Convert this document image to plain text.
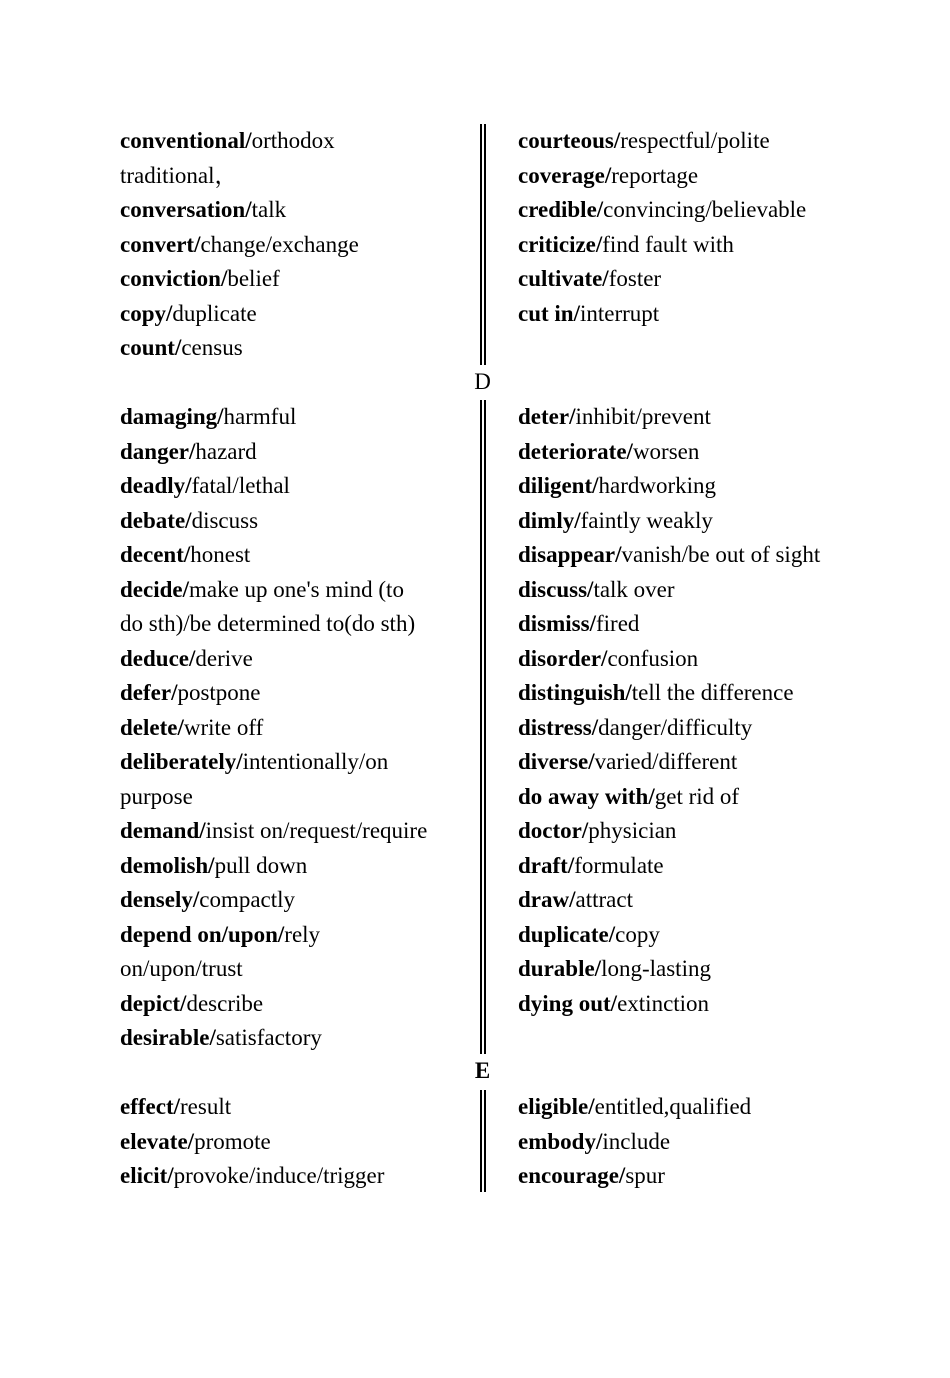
conventional/orthodox
traditional，
conversation/talk
convert/change/exchange
conviction/belief
copy/duplicate
count/census
courteous/respectful/polite
coverage/reportage
credible/convincing/believable
criticize/find fault with
cultivate/foster
cut in/interrupt
D
damaging/harmful
danger/hazard
deadly/fatal/lethal
debate/discuss
decent/honest
decide/make up one's mind (to
do sth)/be determined to(do sth)
deduce/derive
defer/postpone
delete/write off
deliberately/intentionally/on
purpose
demand/insist on/request/require
demolish/pull down
densely/compactly
depend on/upon/rely
on/upon/trust
depict/describe
desirable/satisfactory
deter/inhibit/prevent
deteriorate/worsen
diligent/hardworking
dimly/faintly weakly
disappear/vanish/be out of sight
discuss/talk over
dismiss/fired
disorder/confusion
distinguish/tell the difference
distress/danger/difficulty
diverse/varied/different
do away with/get rid of
doctor/physician
draft/formulate
draw/attract
duplicate/copy
durable/long-lasting
dying out/extinction
E
effect/result
elevate/promote
elicit/provoke/induce/trigger
eligible/entitled,qualified
embody/include
encourage/spur
